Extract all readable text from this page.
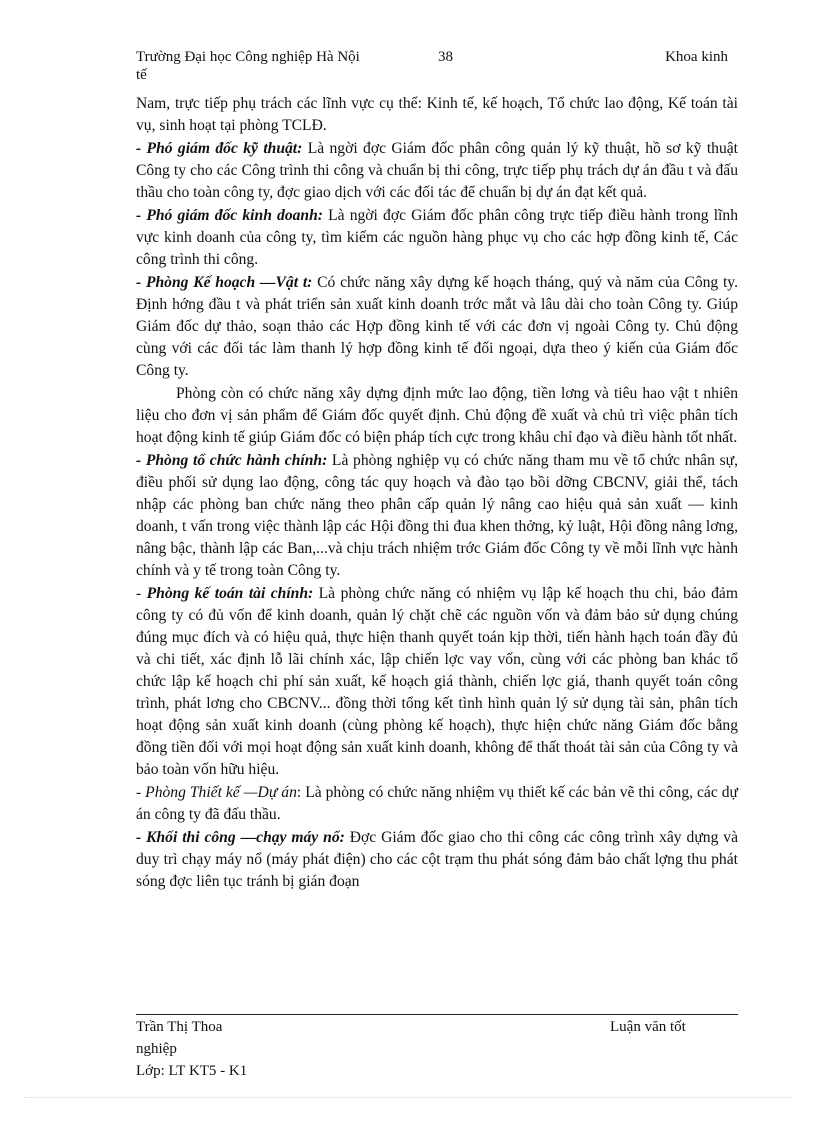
Trường Đại học Công nghiệp Hà Nội	38	Khoa kinh
tế

Nam, trực tiếp phụ trách các lĩnh vực cụ thể: Kinh tế, kế hoạch, Tổ chức lao động, Kế toán tài vụ, sinh hoạt tại phòng TCLĐ.

- Phó giám đốc kỹ thuật: Là ngời đợc Giám đốc phân công quản lý kỹ thuật, hồ sơ kỹ thuật Công ty cho các Công trình thi công và chuẩn bị thi công, trực tiếp phụ trách dự án đầu t và đấu thầu cho toàn công ty, đợc giao dịch với các đối tác để chuẩn bị dự án đạt kết quả.

- Phó giám đốc kinh doanh: Là ngời đợc Giám đốc phân công trực tiếp điều hành trong lĩnh vực kinh doanh của công ty, tìm kiếm các nguồn hàng phục vụ cho các hợp đồng kinh tế, Các công trình thi công.

- Phòng Kế hoạch —Vật t: Có chức năng xây dựng kế hoạch tháng, quý và năm của Công ty. Định hớng đầu t và phát triển sản xuất kinh doanh trớc mắt và lâu dài cho toàn Công ty. Giúp Giám đốc dự thảo, soạn thảo các Hợp đồng kinh tế với các đơn vị ngoài Công ty. Chủ động cùng với các đối tác làm thanh lý hợp đồng kinh tế đối ngoại, dựa theo ý kiến của Giám đốc Công ty.

Phòng còn có chức năng xây dựng định mức lao động, tiền lơng và tiêu hao vật t nhiên liệu cho đơn vị sản phẩm để Giám đốc quyết định. Chủ động đề xuất và chủ trì việc phân tích hoạt động kinh tế giúp Giám đốc có biện pháp tích cực trong khâu chỉ đạo và điều hành tốt nhất.

- Phòng tổ chức hành chính: Là phòng nghiệp vụ có chức năng tham mu về tổ chức nhân sự, điều phối sử dụng lao động, công tác quy hoạch và đào tạo bồi dỡng CBCNV, giải thể, tách nhập các phòng ban chức năng theo phân cấp quản lý nâng cao hiệu quả sản xuất — kinh doanh, t vấn trong việc thành lập các Hội đồng thi đua khen thởng, kỷ luật, Hội đồng nâng lơng, nâng bậc, thành lập các Ban,...và chịu trách nhiệm trớc Giám đốc Công ty về mỗi lĩnh vực hành chính và y tế trong toàn Công ty.

- Phòng kế toán tài chính: Là phòng chức năng có nhiệm vụ lập kế hoạch thu chi, bảo đảm công ty có đủ vốn để kinh doanh, quản lý chặt chẽ các nguồn vốn và đảm bảo sử dụng chúng đúng mục đích và có hiệu quả, thực hiện thanh quyết toán kịp thời, tiến hành hạch toán đầy đủ và chi tiết, xác định lỗ lãi chính xác, lập chiến lợc vay vốn, cùng với các phòng ban khác tổ chức lập kế hoạch chi phí sản xuất, kế hoạch giá thành, chiến lợc giá, thanh quyết toán công trình, phát lơng cho CBCNV... đồng thời tổng kết tình hình quản lý sử dụng tài sản, phân tích hoạt động sản xuất kinh doanh (cùng phòng kế hoạch), thực hiện chức năng Giám đốc bằng đồng tiền đối với mọi hoạt động sản xuất kinh doanh, không để thất thoát tài sản của Công ty và bảo toàn vốn hữu hiệu.

- Phòng Thiết kế —Dự án: Là phòng có chức năng nhiệm vụ thiết kế các bản vẽ thi công, các dự án công ty đã đấu thầu.

- Khối thi công —chạy máy nổ: Đợc Giám đốc giao cho thi công các công trình xây dựng và duy trì chạy máy nổ (máy phát điện) cho các cột trạm thu phát sóng đảm bảo chất lợng thu phát sóng đợc liên tục tránh bị gián đoạn

Trần Thị Thoa	Luận văn tốt
nghiệp
Lớp: LT KT5 - K1
